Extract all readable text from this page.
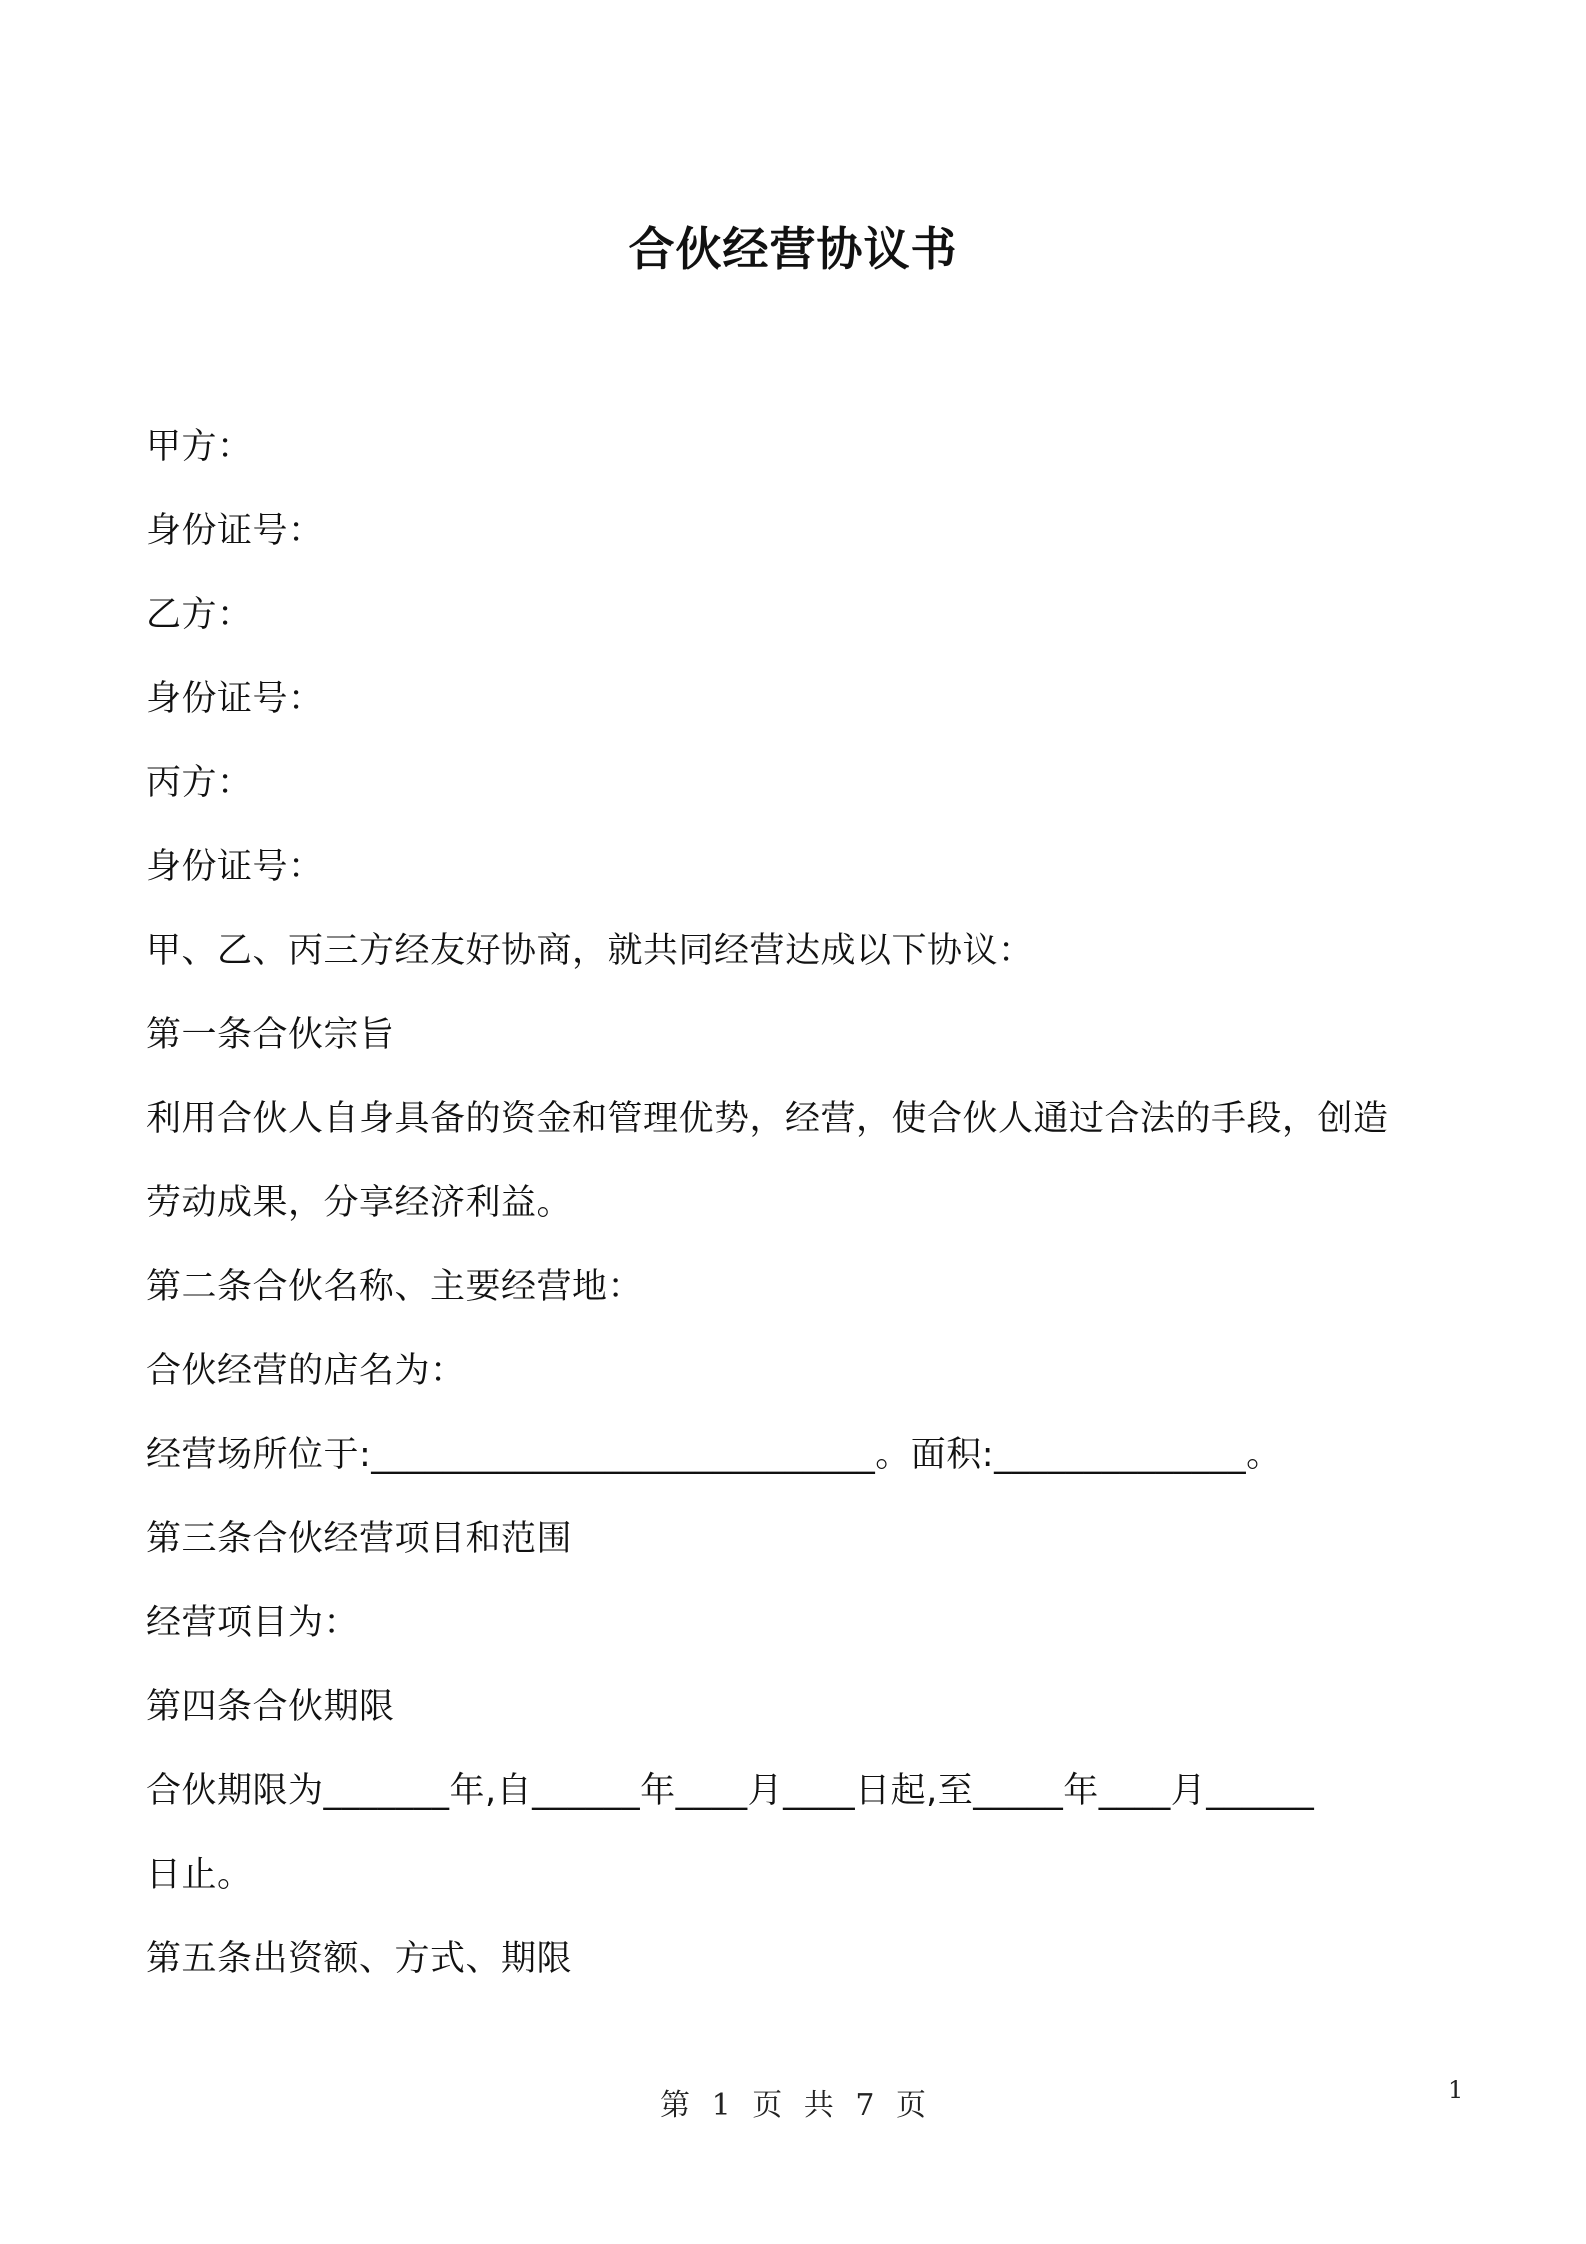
合伙经营协议书
甲方：
身份证号：
乙方：
身份证号：
丙方：
身份证号：
甲、乙、丙三方经友好协商，就共同经营达成以下协议：
第一条合伙宗旨
利用合伙人自身具备的资金和管理优势，经营，使合伙人通过合法的手段，创造
劳动成果，分享经济利益。
第二条合伙名称、主要经营地：
合伙经营的店名为：
经营场所位于:____________________________。面积:______________。
第三条合伙经营项目和范围
经营项目为：
第四条合伙期限
合伙期限为_______年,自______年____月____日起,至_____年____月______
日止。
第五条出资额、方式、期限
第 1 页 共 7 页	1
